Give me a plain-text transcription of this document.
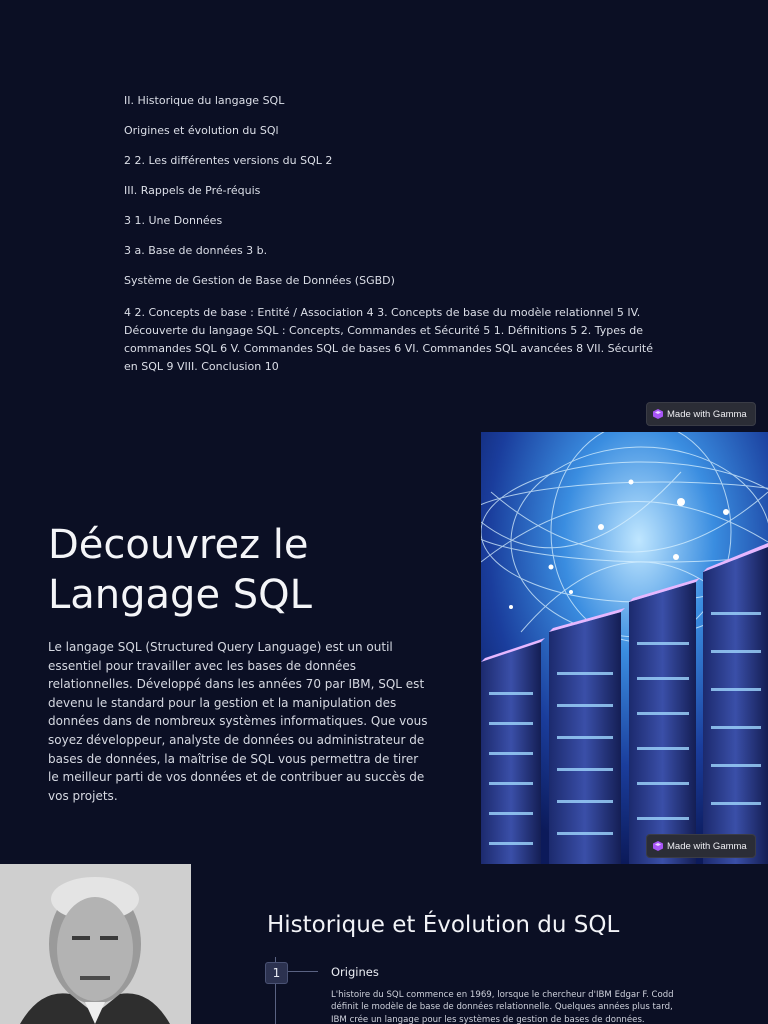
II. Historique du langage SQL

Origines et évolution du SQl

2 2. Les différentes versions du SQL 2

III. Rappels de Pré-réquis

3 1. Une Données

3 a. Base de données 3 b.

Système de Gestion de Base de Données (SGBD)

4 2. Concepts de base : Entité / Association 4 3. Concepts de base du modèle relationnel 5 IV. Découverte du langage SQL : Concepts, Commandes et Sécurité 5 1. Définitions 5 2. Types de commandes SQL 6 V. Commandes SQL de bases 6 VI. Commandes SQL avancées 8 VII. Sécurité en SQL 9 VIII. Conclusion 10

Made with Gamma
Découvrez le
Langage SQL

Le langage SQL (Structured Query Language) est un outil essentiel pour travailler avec les bases de données relationnelles. Développé dans les années 70 par IBM, SQL est devenu le standard pour la gestion et la manipulation des données dans de nombreux systèmes informatiques. Que vous soyez développeur, analyste de données ou administrateur de bases de données, la maîtrise de SQL vous permettra de tirer le meilleur parti de vos données et de contribuer au succès de vos projets.

Made with Gamma
Historique et Évolution du SQL
1	Origines

L'histoire du SQL commence en 1969, lorsque le chercheur d'IBM Edgar F. Codd définit le modèle de base de données relationnelle. Quelques années plus tard, IBM crée un langage pour les systèmes de gestion de bases de données.
